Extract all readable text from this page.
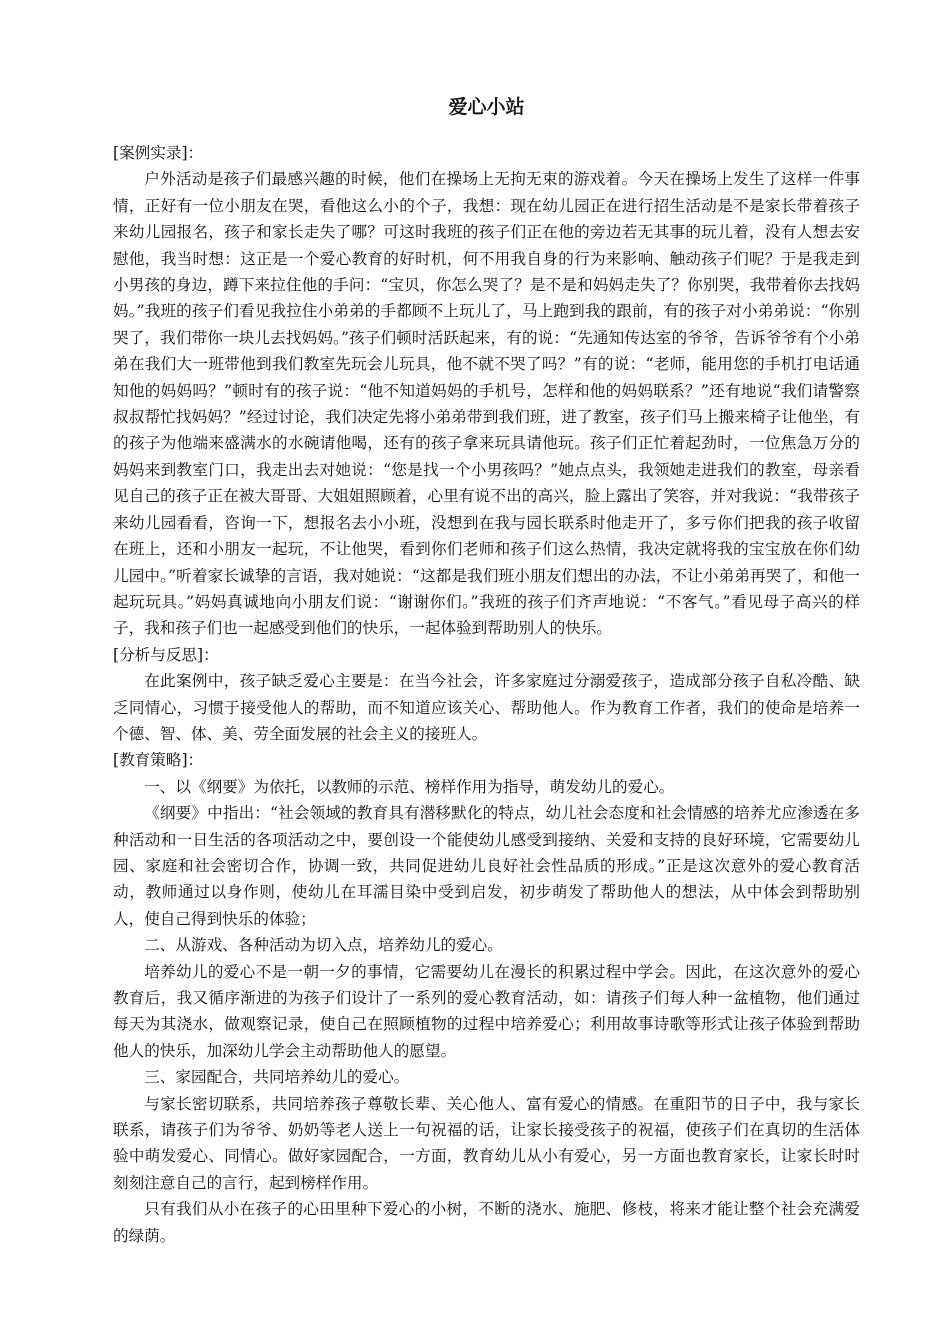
爱心小站

[案例实录]：

户外活动是孩子们最感兴趣的时候，他们在操场上无拘无束的游戏着。今天在操场上发生了这样一件事情，正好有一位小朋友在哭，看他这么小的个子，我想：现在幼儿园正在进行招生活动是不是家长带着孩子来幼儿园报名，孩子和家长走失了哪？可这时我班的孩子们正在他的旁边若无其事的玩儿着，没有人想去安慰他，我当时想：这正是一个爱心教育的好时机，何不用我自身的行为来影响、触动孩子们呢？于是我走到小男孩的身边，蹲下来拉住他的手问：“宝贝，你怎么哭了？是不是和妈妈走失了？你别哭，我带着你去找妈妈。”我班的孩子们看见我拉住小弟弟的手都顾不上玩儿了，马上跑到我的跟前，有的孩子对小弟弟说：“你别哭了，我们带你一块儿去找妈妈。”孩子们顿时活跃起来，有的说：“先通知传达室的爷爷，告诉爷爷有个小弟弟在我们大一班带他到我们教室先玩会儿玩具，他不就不哭了吗？”有的说：“老师，能用您的手机打电话通知他的妈妈吗？”顿时有的孩子说：“他不知道妈妈的手机号，怎样和他的妈妈联系？”还有地说“我们请警察叔叔帮忙找妈妈？”经过讨论，我们决定先将小弟弟带到我们班，进了教室，孩子们马上搬来椅子让他坐，有的孩子为他端来盛满水的水碗请他喝，还有的孩子拿来玩具请他玩。孩子们正忙着起劲时，一位焦急万分的妈妈来到教室门口，我走出去对她说：“您是找一个小男孩吗？”她点点头，我领她走进我们的教室，母亲看见自己的孩子正在被大哥哥、大姐姐照顾着，心里有说不出的高兴，脸上露出了笑容，并对我说：“我带孩子来幼儿园看看，咨询一下，想报名去小小班，没想到在我与园长联系时他走开了，多亏你们把我的孩子收留在班上，还和小朋友一起玩，不让他哭，看到你们老师和孩子们这么热情，我决定就将我的宝宝放在你们幼儿园中。”听着家长诚挚的言语，我对她说：“这都是我们班小朋友们想出的办法，不让小弟弟再哭了，和他一起玩玩具。”妈妈真诚地向小朋友们说：“谢谢你们。”我班的孩子们齐声地说：“不客气。”看见母子高兴的样子，我和孩子们也一起感受到他们的快乐，一起体验到帮助别人的快乐。

[分析与反思]：

在此案例中，孩子缺乏爱心主要是：在当今社会，许多家庭过分溺爱孩子，造成部分孩子自私冷酷、缺乏同情心，习惯于接受他人的帮助，而不知道应该关心、帮助他人。作为教育工作者，我们的使命是培养一个德、智、体、美、劳全面发展的社会主义的接班人。

[教育策略]：

一、以《纲要》为依托，以教师的示范、榜样作用为指导，萌发幼儿的爱心。

《纲要》中指出：“社会领域的教育具有潜移默化的特点，幼儿社会态度和社会情感的培养尤应渗透在多种活动和一日生活的各项活动之中，要创设一个能使幼儿感受到接纳、关爱和支持的良好环境，它需要幼儿园、家庭和社会密切合作，协调一致，共同促进幼儿良好社会性品质的形成。”正是这次意外的爱心教育活动，教师通过以身作则，使幼儿在耳濡目染中受到启发，初步萌发了帮助他人的想法，从中体会到帮助别人，使自己得到快乐的体验；

二、从游戏、各种活动为切入点，培养幼儿的爱心。

培养幼儿的爱心不是一朝一夕的事情，它需要幼儿在漫长的积累过程中学会。因此，在这次意外的爱心教育后，我又循序渐进的为孩子们设计了一系列的爱心教育活动，如：请孩子们每人种一盆植物，他们通过每天为其浇水，做观察记录，使自己在照顾植物的过程中培养爱心；利用故事诗歌等形式让孩子体验到帮助他人的快乐，加深幼儿学会主动帮助他人的愿望。

三、家园配合，共同培养幼儿的爱心。

与家长密切联系，共同培养孩子尊敬长辈、关心他人、富有爱心的情感。在重阳节的日子中，我与家长联系，请孩子们为爷爷、奶奶等老人送上一句祝福的话，让家长接受孩子的祝福，使孩子们在真切的生活体验中萌发爱心、同情心。做好家园配合，一方面，教育幼儿从小有爱心，另一方面也教育家长，让家长时时刻刻注意自己的言行，起到榜样作用。

只有我们从小在孩子的心田里种下爱心的小树，不断的浇水、施肥、修枝，将来才能让整个社会充满爱的绿荫。
